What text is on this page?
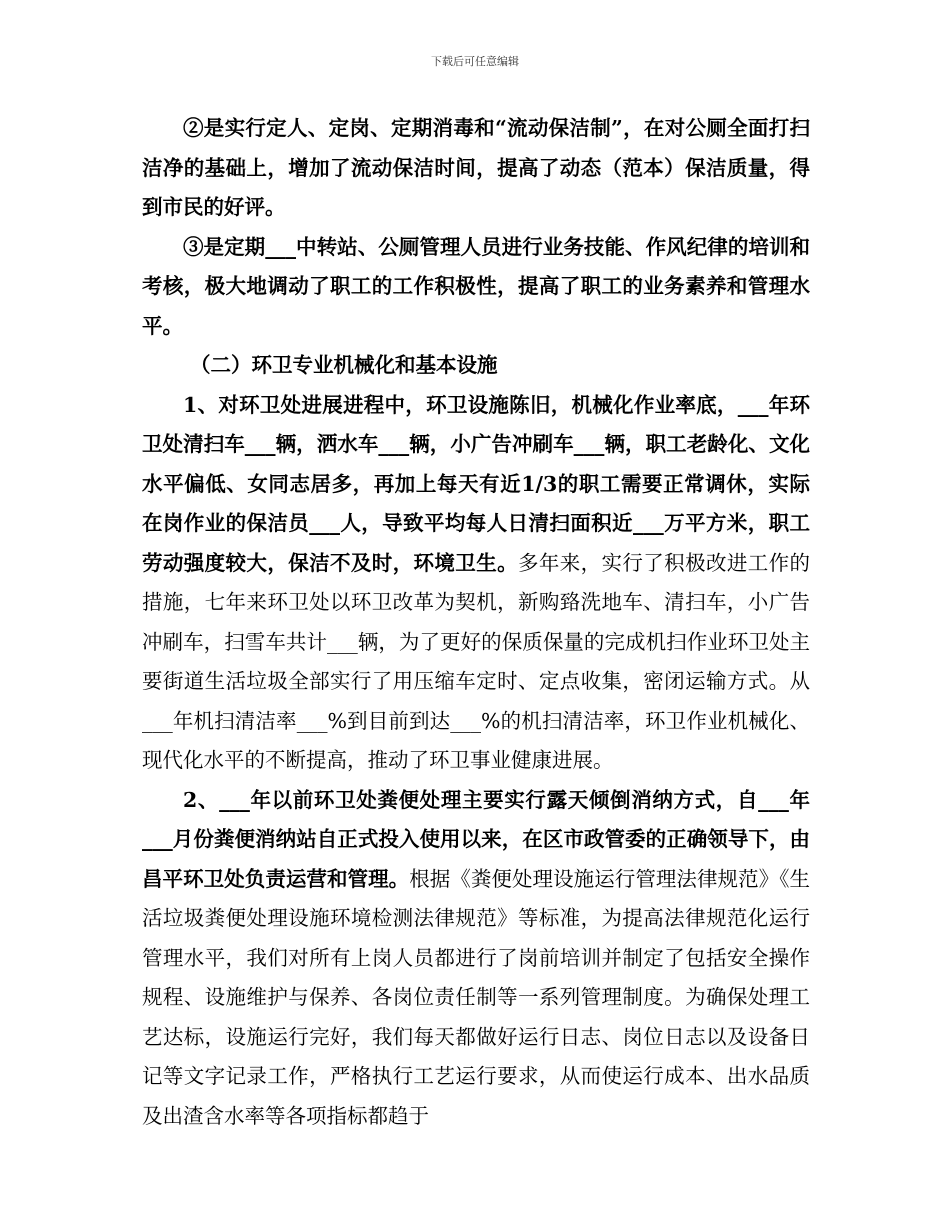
下载后可任意编辑

②是实行定人、定岗、定期消毒和“流动保洁制”，在对公厕全面打扫洁净的基础上，增加了流动保洁时间，提高了动态（范本）保洁质量，得到市民的好评。

③是定期___中转站、公厕管理人员进行业务技能、作风纪律的培训和考核，极大地调动了职工的工作积极性，提高了职工的业务素养和管理水平。

（二）环卫专业机械化和基本设施

1、对环卫处进展进程中，环卫设施陈旧，机械化作业率底，___年环卫处清扫车___辆，洒水车___辆，小广告冲刷车___辆，职工老龄化、文化水平偏低、女同志居多，再加上每天有近1/3的职工需要正常调休，实际在岗作业的保洁员___人，导致平均每人日清扫面积近___万平方米，职工劳动强度较大，保洁不及时，环境卫生。多年来，实行了积极改进工作的措施，七年来环卫处以环卫改革为契机，新购臵洗地车、清扫车，小广告冲刷车，扫雪车共计___辆，为了更好的保质保量的完成机扫作业环卫处主要街道生活垃圾全部实行了用压缩车定时、定点收集，密闭运输方式。从___年机扫清洁率___%到目前到达___%的机扫清洁率，环卫作业机械化、现代化水平的不断提高，推动了环卫事业健康进展。

2、___年以前环卫处粪便处理主要实行露天倾倒消纳方式，自___年___月份粪便消纳站自正式投入使用以来，在区市政管委的正确领导下，由昌平环卫处负责运营和管理。根据《粪便处理设施运行管理法律规范》《生活垃圾粪便处理设施环境检测法律规范》等标准，为提高法律规范化运行管理水平，我们对所有上岗人员都进行了岗前培训并制定了包括安全操作规程、设施维护与保养、各岗位责任制等一系列管理制度。为确保处理工艺达标，设施运行完好，我们每天都做好运行日志、岗位日志以及设备日记等文字记录工作，严格执行工艺运行要求，从而使运行成本、出水品质及出渣含水率等各项指标都趋于
